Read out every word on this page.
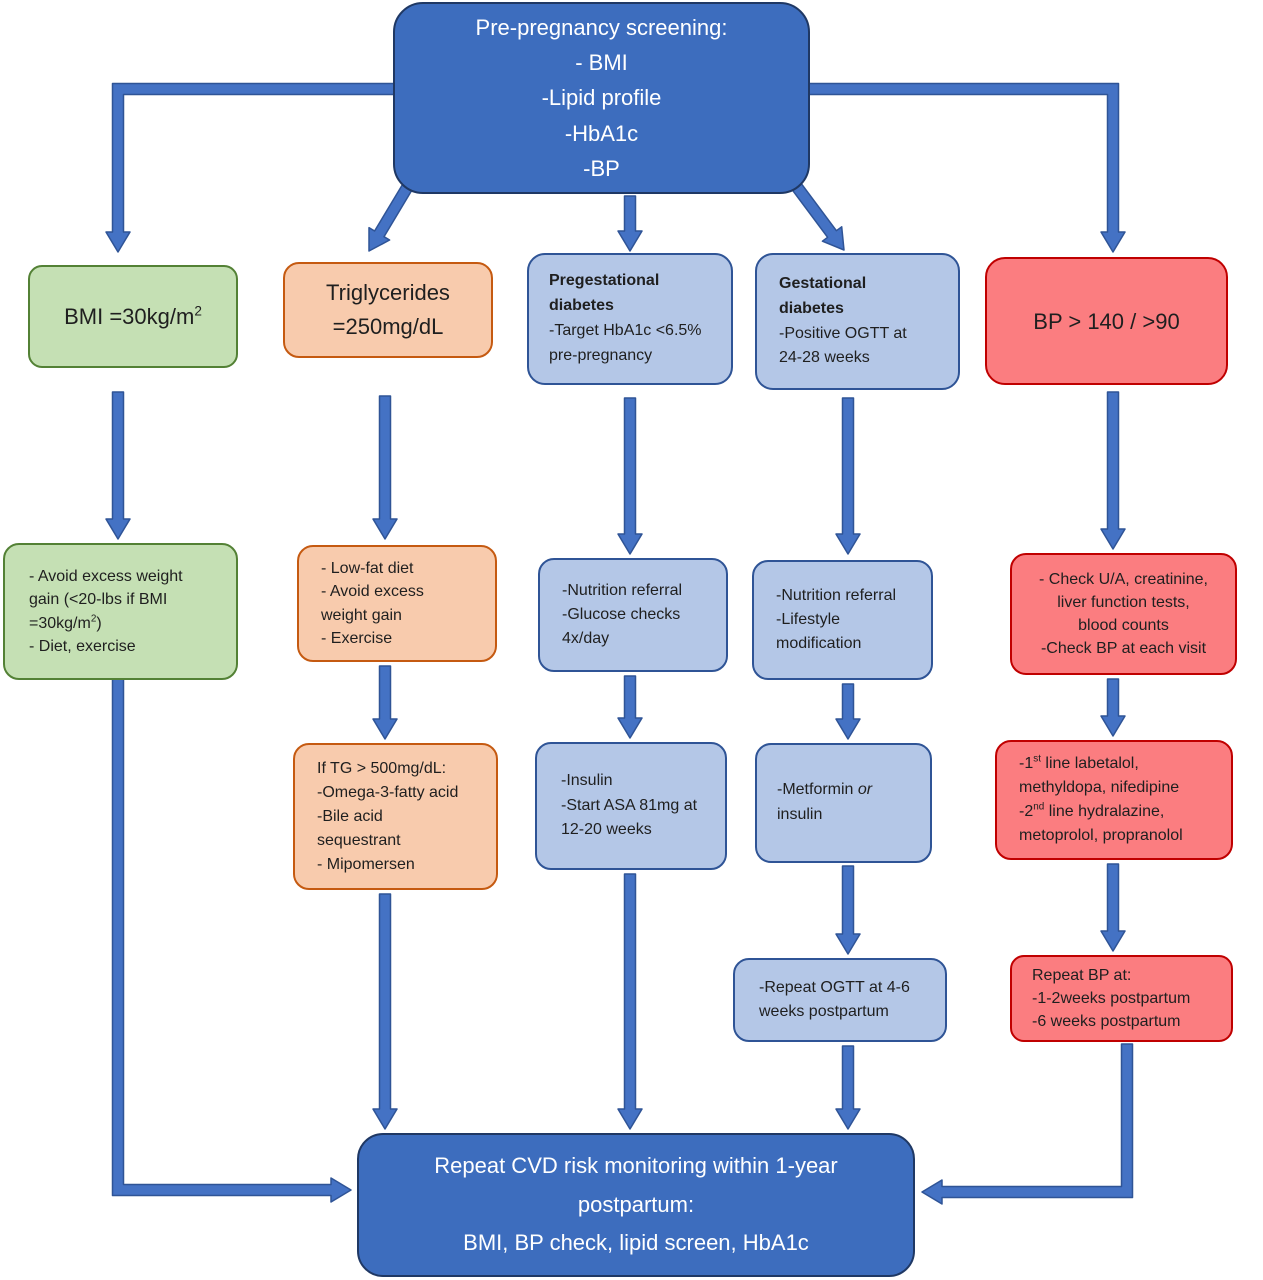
Pre-pregnancy screening:
- BMI
-Lipid profile
-HbA1c
-BP
BMI $=30kg/m^2$
Triglycerides
=250mg/dL
Pregestational
diabetes
-Target HbA1c <6.5%
pre-pregnancy
Gestational
diabetes
-Positive OGTT at
24-28 weeks
BP > 140 / >90
- Avoid excess weight
gain (<20-lbs if BMI
$=30kg/m^2$)
- Diet, exercise
- Low-fat diet
- Avoid excess
weight gain
- Exercise
-Nutrition referral
-Glucose checks
4x/day
-Nutrition referral
-Lifestyle
modification
- Check U/A, creatinine,
liver function tests,
blood counts
-Check BP at each visit
If TG > 500mg/dL:
-Omega-3-fatty acid
-Bile acid
sequestrant
- Mipomersen
-Insulin
-Start ASA 81mg at
12-20 weeks
-Metformin or
insulin
-1st line labetalol,
methyldopa, nifedipine
-2nd line hydralazine,
metoprolol, propranolol
-Repeat OGTT at 4-6
weeks postpartum
Repeat BP at:
-1-2weeks postpartum
-6 weeks postpartum
Repeat CVD risk monitoring within 1-year
postpartum:
BMI, BP check, lipid screen, HbA1c
